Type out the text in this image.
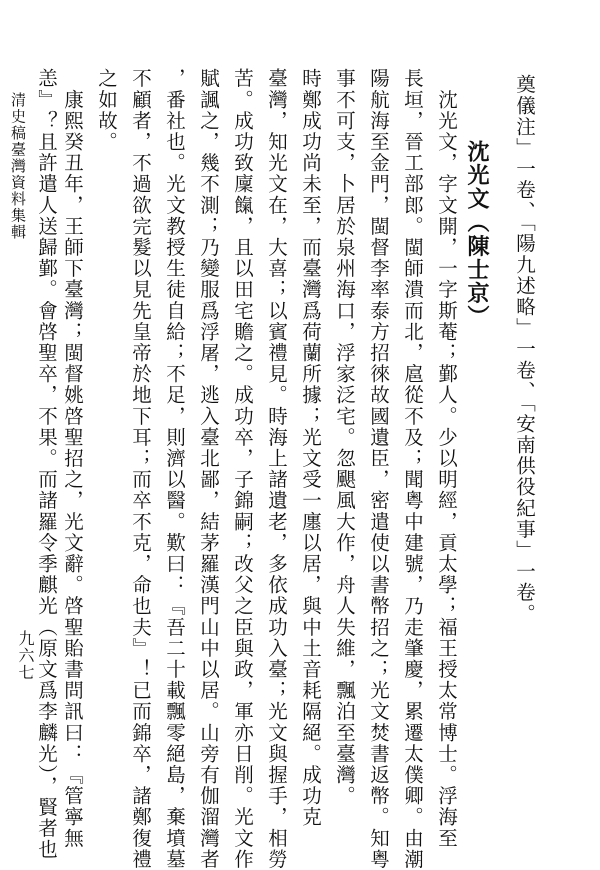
奠儀注」一卷、「陽九述略」一卷、「安南供役紀事」一卷。
沈光文（陳士京）
　沈光文，字文開，一字斯菴；鄞人。少以明經，貢太學；福王授太常博士。浮海至
長垣，晉工部郎。閩師潰而北，扈從不及；聞粤中建號，乃走肇慶，累遷太僕卿。由潮
陽航海至金門，閩督李率泰方招徠故國遺臣，密遣使以書幣招之；光文焚書返幣。知粤
事不可支，卜居於泉州海口，浮家泛宅。忽颶風大作，舟人失維，飄泊至臺灣。
時鄭成功尚未至，而臺灣爲荷蘭所據；光文受一廛以居，與中土音耗隔絕。成功克
臺灣，知光文在，大喜；以賓禮見。時海上諸遺老，多依成功入臺；光文與握手，相勞
苦。成功致廩餼，且以田宅贍之。成功卒，子錦嗣；改父之臣與政，軍亦日削。光文作
賦諷之，幾不測；乃變服爲浮屠，逃入臺北鄙，結茅羅漢門山中以居。山旁有伽溜灣者
，番社也。光文教授生徒自給；不足，則濟以醫。歎曰：『吾二十載飄零絕島，棄墳墓
不顧者，不過欲完髮以見先皇帝於地下耳；而卒不克，命也夫』！已而錦卒，諸鄭復禮
之如故。
　康熙癸丑年，王師下臺灣；閩督姚啓聖招之，光文辭。啓聖貽書問訊曰：『管寧無
恙』？且許遣人送歸鄞。會啓聖卒，不果。而諸羅令季麒光（原文爲李麟光），賢者也
清史稿臺灣資料集輯
九六七
